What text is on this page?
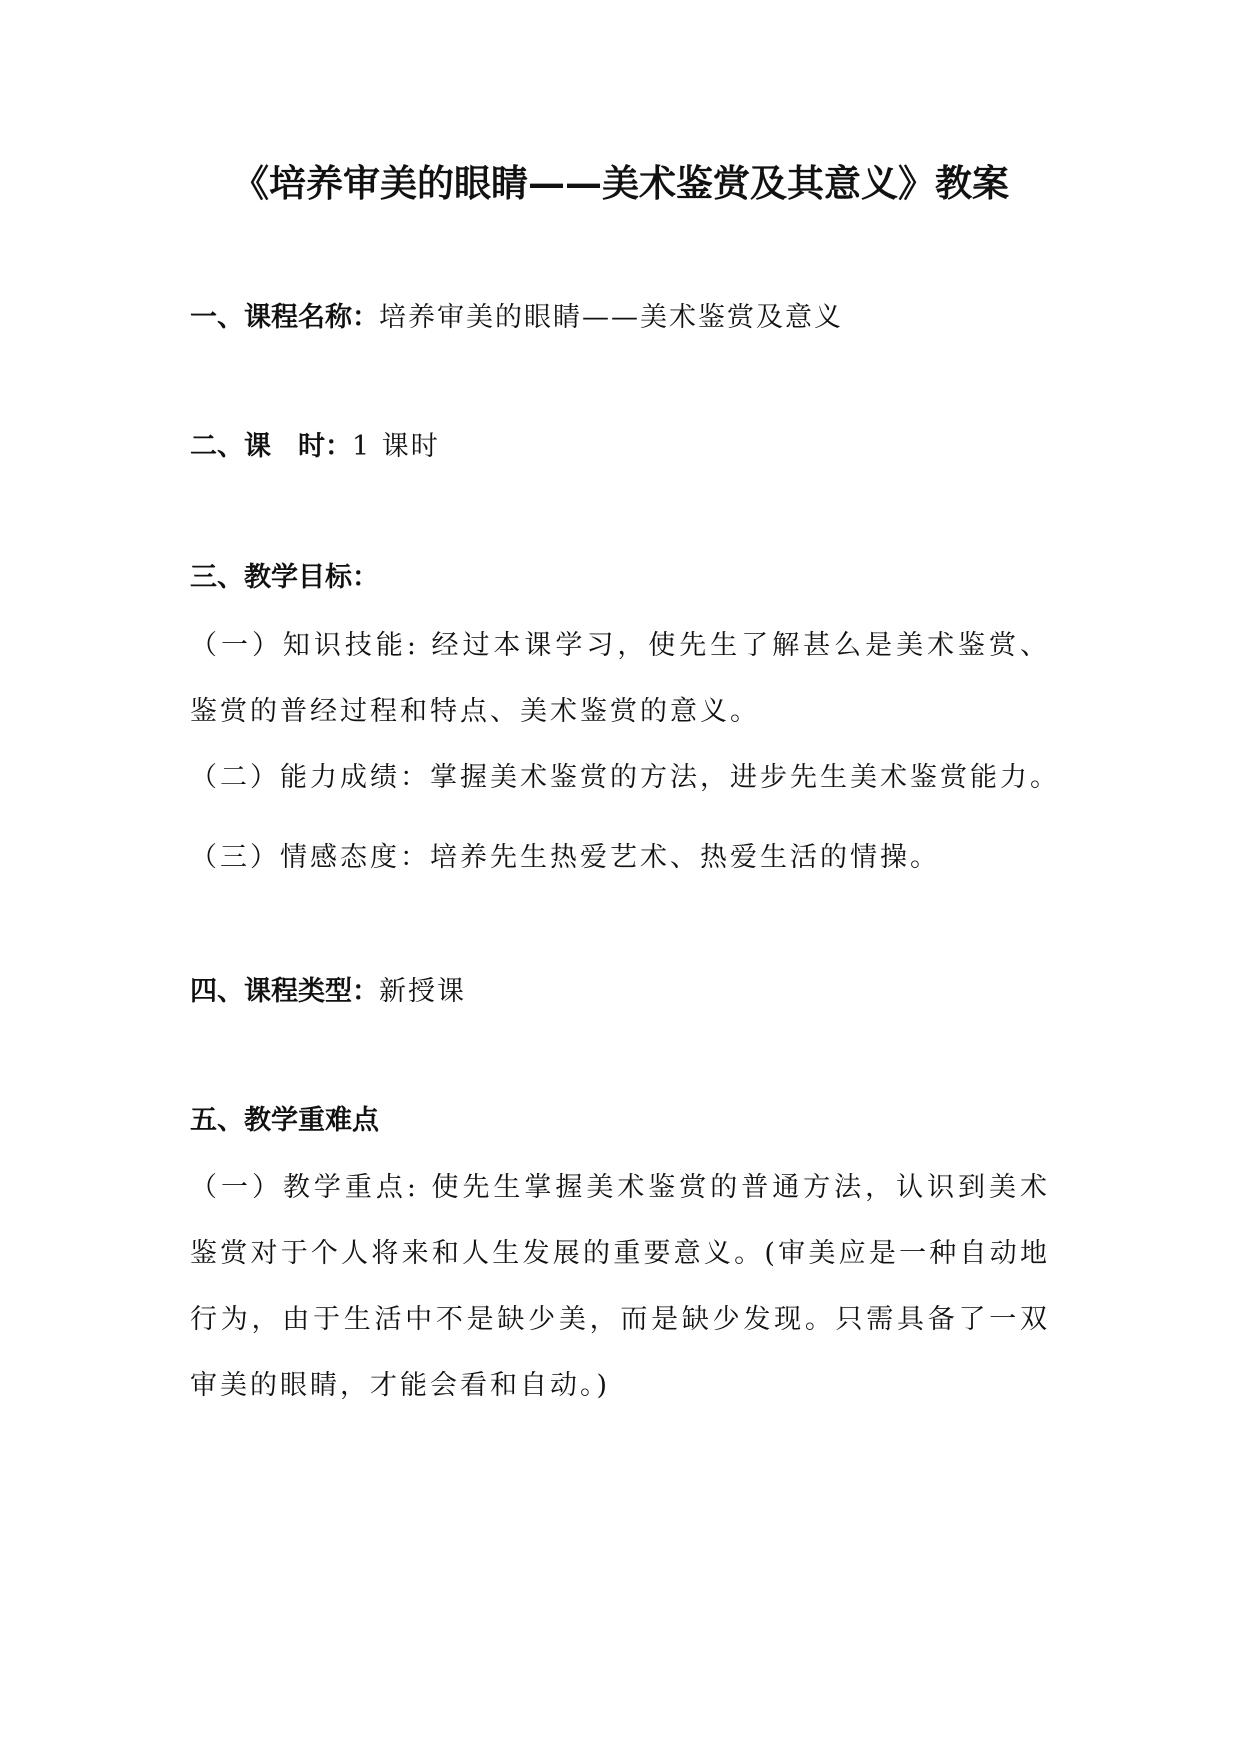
《培养审美的眼睛——美术鉴赏及其意义》教案
一、课程名称：培养审美的眼睛——美术鉴赏及意义
二、课　时：1 课时
三、教学目标：
（一）知识技能: 经过本课学习，使先生了解甚么是美术鉴赏、鉴赏的普经过程和特点、美术鉴赏的意义。
（二）能力成绩：掌握美术鉴赏的方法，进步先生美术鉴赏能力。
（三）情感态度：培养先生热爱艺术、热爱生活的情操。
四、课程类型：新授课
五、教学重难点
（一）教学重点: 使先生掌握美术鉴赏的普通方法，认识到美术鉴赏对于个人将来和人生发展的重要意义。(审美应是一种自动地行为，由于生活中不是缺少美，而是缺少发现。只需具备了一双审美的眼睛，才能会看和自动。)
